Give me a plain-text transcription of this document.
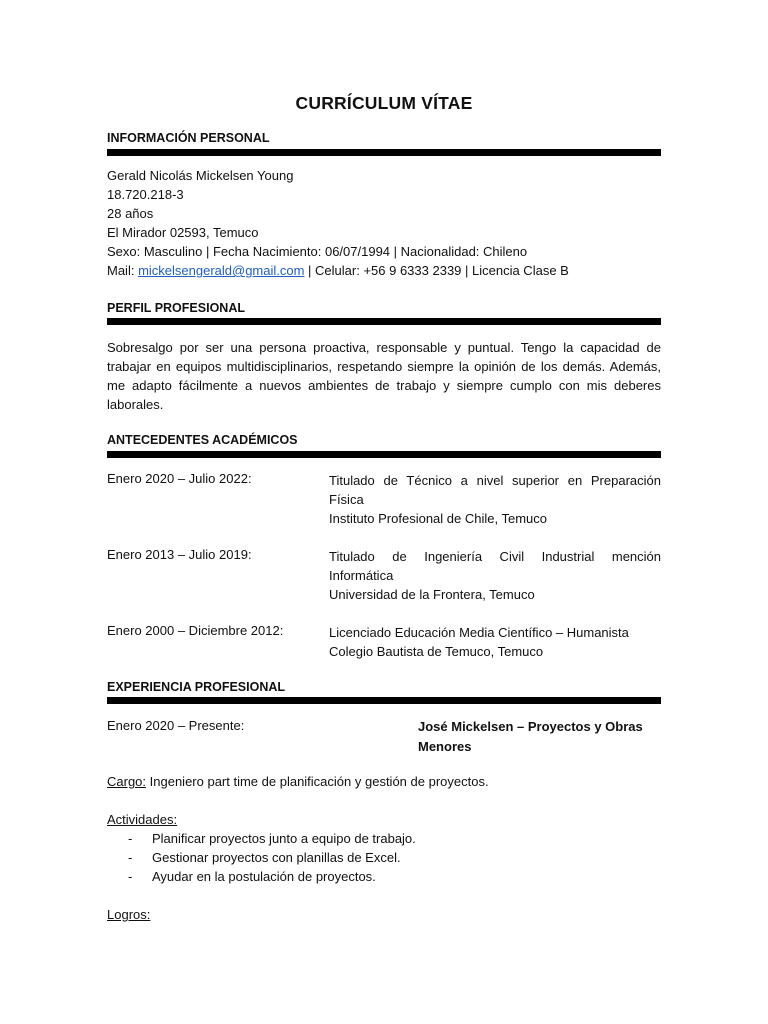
CURRÍCULUM VÍTAE
INFORMACIÓN PERSONAL
Gerald Nicolás Mickelsen Young
18.720.218-3
28 años
El Mirador 02593, Temuco
Sexo: Masculino | Fecha Nacimiento: 06/07/1994 | Nacionalidad: Chileno
Mail: mickelsengerald@gmail.com | Celular: +56 9 6333 2339 | Licencia Clase B
PERFIL PROFESIONAL
Sobresalgo por ser una persona proactiva, responsable y puntual. Tengo la capacidad de trabajar en equipos multidisciplinarios, respetando siempre la opinión de los demás. Además, me adapto fácilmente a nuevos ambientes de trabajo y siempre cumplo con mis deberes laborales.
ANTECEDENTES ACADÉMICOS
Enero 2020 – Julio 2022:	Titulado de Técnico a nivel superior en Preparación
Física
Instituto Profesional de Chile, Temuco
Enero 2013 – Julio 2019:	Titulado de Ingeniería Civil Industrial mención
Informática
Universidad de la Frontera, Temuco
Enero 2000 – Diciembre 2012:	Licenciado Educación Media Científico – Humanista
Colegio Bautista de Temuco, Temuco
EXPERIENCIA PROFESIONAL
Enero 2020 – Presente:	José Mickelsen – Proyectos y Obras Menores
Cargo: Ingeniero part time de planificación y gestión de proyectos.
Actividades:
- Planificar proyectos junto a equipo de trabajo.
- Gestionar proyectos con planillas de Excel.
- Ayudar en la postulación de proyectos.
Logros:
